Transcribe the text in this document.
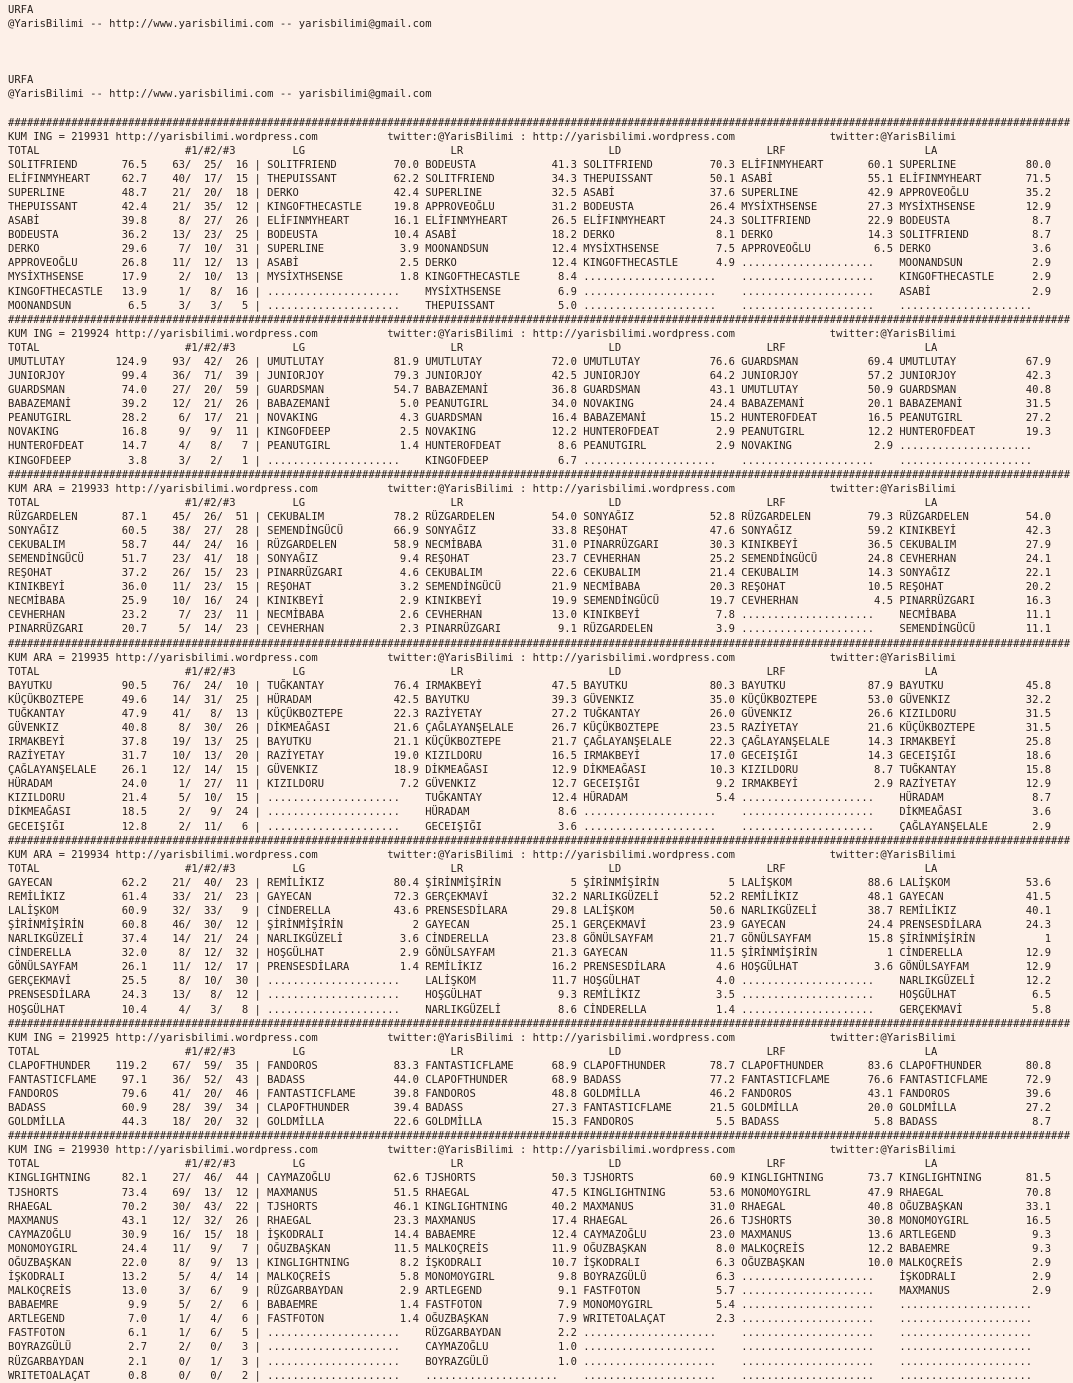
URFA
@YarisBilimi -- http://www.yarisbilimi.com -- yarisbilimi@gmail.com
URFA
@YarisBilimi -- http://www.yarisbilimi.com -- yarisbilimi@gmail.com
########################################################################################################################################################################
KUM ING = 219931 http://yarisbilimi.wordpress.com           twitter:@YarisBilimi : http://yarisbilimi.wordpress.com               twitter:@YarisBilimi
TOTAL                       #1/#2/#3         LG                       LR                       LD                       LRF                      LA
SOLITFRIEND       76.5    63/  25/  16 | SOLITFRIEND         70.0 BODEUSTA            41.3 SOLITFRIEND         70.3 ELİFINMYHEART       60.1 SUPERLINE           80.0
ELİFINMYHEART     62.7    40/  17/  15 | THEPUISSANT         62.2 SOLITFRIEND         34.3 THEPUISSANT         50.1 ASABİ               55.1 ELİFINMYHEART       71.5
SUPERLINE         48.7    21/  20/  18 | DERKO               42.4 SUPERLINE           32.5 ASABİ               37.6 SUPERLINE           42.9 APPROVEOĞLU         35.2
THEPUISSANT       42.4    21/  35/  12 | KINGOFTHECASTLE     19.8 APPROVEOĞLU         31.2 BODEUSTA            26.4 MYSİXTHSENSE        27.3 MYSİXTHSENSE        12.9
ASABİ             39.8     8/  27/  26 | ELİFINMYHEART       16.1 ELİFINMYHEART       26.5 ELİFINMYHEART       24.3 SOLITFRIEND         22.9 BODEUSTA             8.7
BODEUSTA          36.2    13/  23/  25 | BODEUSTA            10.4 ASABİ               18.2 DERKO                8.1 DERKO               14.3 SOLITFRIEND          8.7
DERKO             29.6     7/  10/  31 | SUPERLINE            3.9 MOONANDSUN          12.4 MYSİXTHSENSE         7.5 APPROVEOĞLU          6.5 DERKO                3.6
APPROVEOĞLU       26.8    11/  12/  13 | ASABİ                2.5 DERKO               12.4 KINGOFTHECASTLE      4.9 .....................    MOONANDSUN           2.9
MYSİXTHSENSE      17.9     2/  10/  13 | MYSİXTHSENSE         1.8 KINGOFTHECASTLE      8.4 .....................    .....................    KINGOFTHECASTLE      2.9
KINGOFTHECASTLE   13.9     1/   8/  16 | .....................    MYSİXTHSENSE         6.9 .....................    .....................    ASABİ                2.9
MOONANDSUN         6.5     3/   3/   5 | .....................    THEPUISSANT          5.0 .....................    .....................    .....................
########################################################################################################################################################################
KUM ING = 219924 http://yarisbilimi.wordpress.com           twitter:@YarisBilimi : http://yarisbilimi.wordpress.com               twitter:@YarisBilimi
TOTAL                       #1/#2/#3         LG                       LR                       LD                       LRF                      LA
UMUTLUTAY        124.9    93/  42/  26 | UMUTLUTAY           81.9 UMUTLUTAY           72.0 UMUTLUTAY           76.6 GUARDSMAN           69.4 UMUTLUTAY           67.9
JUNIORJOY         99.4    36/  71/  39 | JUNIORJOY           79.3 JUNIORJOY           42.5 JUNIORJOY           64.2 JUNIORJOY           57.2 JUNIORJOY           42.3
GUARDSMAN         74.0    27/  20/  59 | GUARDSMAN           54.7 BABAZEMANİ          36.8 GUARDSMAN           43.1 UMUTLUTAY           50.9 GUARDSMAN           40.8
BABAZEMANİ        39.2    12/  21/  26 | BABAZEMANİ           5.0 PEANUTGIRL          34.0 NOVAKING            24.4 BABAZEMANİ          20.1 BABAZEMANİ          31.5
PEANUTGIRL        28.2     6/  17/  21 | NOVAKING             4.3 GUARDSMAN           16.4 BABAZEMANİ          15.2 HUNTEROFDEAT        16.5 PEANUTGIRL          27.2
NOVAKING          16.8     9/   9/  11 | KINGOFDEEP           2.5 NOVAKING            12.2 HUNTEROFDEAT         2.9 PEANUTGIRL          12.2 HUNTEROFDEAT        19.3
HUNTEROFDEAT      14.7     4/   8/   7 | PEANUTGIRL           1.4 HUNTEROFDEAT         8.6 PEANUTGIRL           2.9 NOVAKING             2.9 .....................
KINGOFDEEP         3.8     3/   2/   1 | .....................    KINGOFDEEP           6.7 .....................    .....................    .....................
########################################################################################################################################################################
KUM ARA = 219933 http://yarisbilimi.wordpress.com           twitter:@YarisBilimi : http://yarisbilimi.wordpress.com               twitter:@YarisBilimi
TOTAL                       #1/#2/#3         LG                       LR                       LD                       LRF                      LA
RÜZGARDELEN       87.1    45/  26/  51 | CEKUBALIM           78.2 RÜZGARDELEN         54.0 SONYAĞIZ            52.8 RÜZGARDELEN         79.3 RÜZGARDELEN         54.0
SONYAĞIZ          60.5    38/  27/  28 | SEMENDİNGÜCÜ        66.9 SONYAĞIZ            33.8 REŞOHAT             47.6 SONYAĞIZ            59.2 KINIKBEYİ           42.3
CEKUBALIM         58.7    44/  24/  16 | RÜZGARDELEN         58.9 NECMİBABA           31.0 PINARRÜZGARI        30.3 KINIKBEYİ           36.5 CEKUBALIM           27.9
SEMENDİNGÜCÜ      51.7    23/  41/  18 | SONYAĞIZ             9.4 REŞOHAT             23.7 CEVHERHAN           25.2 SEMENDİNGÜCÜ        24.8 CEVHERHAN           24.1
REŞOHAT           37.2    26/  15/  23 | PINARRÜZGARI         4.6 CEKUBALIM           22.6 CEKUBALIM           21.4 CEKUBALIM           14.3 SONYAĞIZ            22.1
KINIKBEYİ         36.0    11/  23/  15 | REŞOHAT              3.2 SEMENDİNGÜCÜ        21.9 NECMİBABA           20.3 REŞOHAT             10.5 REŞOHAT             20.2
NECMİBABA         25.9    10/  16/  24 | KINIKBEYİ            2.9 KINIKBEYİ           19.9 SEMENDİNGÜCÜ        19.7 CEVHERHAN            4.5 PINARRÜZGARI        16.3
CEVHERHAN         23.2     7/  23/  11 | NECMİBABA            2.6 CEVHERHAN           13.0 KINIKBEYİ            7.8 .....................    NECMİBABA           11.1
PINARRÜZGARI      20.7     5/  14/  23 | CEVHERHAN            2.3 PINARRÜZGARI         9.1 RÜZGARDELEN          3.9 .....................    SEMENDİNGÜCÜ        11.1
########################################################################################################################################################################
KUM ARA = 219935 http://yarisbilimi.wordpress.com           twitter:@YarisBilimi : http://yarisbilimi.wordpress.com               twitter:@YarisBilimi
TOTAL                       #1/#2/#3         LG                       LR                       LD                       LRF                      LA
BAYUTKU           90.5    76/  24/  10 | TUĞKANTAY           76.4 IRMAKBEYİ           47.5 BAYUTKU             80.3 BAYUTKU             87.9 BAYUTKU             45.8
KÜÇÜKBOZTEPE      49.6    14/  31/  25 | HÜRADAM             42.5 BAYUTKU             39.3 GÜVENKIZ            35.0 KÜÇÜKBOZTEPE        53.0 GÜVENKIZ            32.2
TUĞKANTAY         47.9    41/   8/  13 | KÜÇÜKBOZTEPE        22.3 RAZİYETAY           27.2 TUĞKANTAY           26.0 GÜVENKIZ            26.6 KIZILDORU           31.5
GÜVENKIZ          40.8     8/  30/  26 | DİKMEAĞASI          21.6 ÇAĞLAYANŞELALE      26.7 KÜÇÜKBOZTEPE        23.5 RAZİYETAY           21.6 KÜÇÜKBOZTEPE        31.5
IRMAKBEYİ         37.8    19/  13/  25 | BAYUTKU             21.1 KÜÇÜKBOZTEPE        21.7 ÇAĞLAYANŞELALE      22.3 ÇAĞLAYANŞELALE      14.3 IRMAKBEYİ           25.8
RAZİYETAY         31.7    10/  13/  20 | RAZİYETAY           19.0 KIZILDORU           16.5 IRMAKBEYİ           17.0 GECEIŞIĞI           14.3 GECEIŞIĞI           18.6
ÇAĞLAYANŞELALE    26.1    12/  14/  15 | GÜVENKIZ            18.9 DİKMEAĞASI          12.9 DİKMEAĞASI          10.3 KIZILDORU            8.7 TUĞKANTAY           15.8
HÜRADAM           24.0     1/  27/  11 | KIZILDORU            7.2 GÜVENKIZ            12.7 GECEIŞIĞI            9.2 IRMAKBEYİ            2.9 RAZİYETAY           12.9
KIZILDORU         21.4     5/  10/  15 | .....................    TUĞKANTAY           12.4 HÜRADAM              5.4 .....................    HÜRADAM              8.7
DİKMEAĞASI        18.5     2/   9/  24 | .....................    HÜRADAM              8.6 .....................    .....................    DİKMEAĞASI           3.6
GECEIŞIĞI         12.8     2/  11/   6 | .....................    GECEIŞIĞI            3.6 .....................    .....................    ÇAĞLAYANŞELALE       2.9
########################################################################################################################################################################
KUM ARA = 219934 http://yarisbilimi.wordpress.com           twitter:@YarisBilimi : http://yarisbilimi.wordpress.com               twitter:@YarisBilimi
TOTAL                       #1/#2/#3         LG                       LR                       LD                       LRF                      LA
GAYECAN           62.2    21/  40/  23 | REMİLİKIZ           80.4 ŞİRİNMİŞİRİN           5 ŞİRİNMİŞİRİN           5 LALİŞKOM            88.6 LALİŞKOM            53.6
REMİLİKIZ         61.4    33/  21/  23 | GAYECAN             72.3 GERÇEKMAVİ          32.2 NARLIKGÜZELİ        52.2 REMİLİKIZ           48.1 GAYECAN             41.5
LALİŞKOM          60.9    32/  33/   9 | CİNDERELLA          43.6 PRENSESDİLARA       29.8 LALİŞKOM            50.6 NARLIKGÜZELİ        38.7 REMİLİKIZ           40.1
ŞİRİNMİŞİRİN      60.8    46/  30/  12 | ŞİRİNMİŞİRİN           2 GAYECAN             25.1 GERÇEKMAVİ          23.9 GAYECAN             24.4 PRENSESDİLARA       24.3
NARLIKGÜZELİ      37.4    14/  21/  24 | NARLIKGÜZELİ         3.6 CİNDERELLA          23.8 GÖNÜLSAYFAM         21.7 GÖNÜLSAYFAM         15.8 ŞİRİNMİŞİRİN           1
CİNDERELLA        32.0     8/  12/  32 | HOŞGÜLHAT            2.9 GÖNÜLSAYFAM         21.3 GAYECAN             11.5 ŞİRİNMİŞİRİN           1 CİNDERELLA          12.9
GÖNÜLSAYFAM       26.1    11/  12/  17 | PRENSESDİLARA        1.4 REMİLİKIZ           16.2 PRENSESDİLARA        4.6 HOŞGÜLHAT            3.6 GÖNÜLSAYFAM         12.9
GERÇEKMAVİ        25.5     8/  10/  30 | .....................    LALİŞKOM            11.7 HOŞGÜLHAT            4.0 .....................    NARLIKGÜZELİ        12.2
PRENSESDİLARA     24.3    13/   8/  12 | .....................    HOŞGÜLHAT            9.3 REMİLİKIZ            3.5 .....................    HOŞGÜLHAT            6.5
HOŞGÜLHAT         10.4     4/   3/   8 | .....................    NARLIKGÜZELİ         8.6 CİNDERELLA           1.4 .....................    GERÇEKMAVİ           5.8
########################################################################################################################################################################
KUM ING = 219925 http://yarisbilimi.wordpress.com           twitter:@YarisBilimi : http://yarisbilimi.wordpress.com               twitter:@YarisBilimi
TOTAL                       #1/#2/#3         LG                       LR                       LD                       LRF                      LA
CLAPOFTHUNDER    119.2    67/  59/  35 | FANDOROS            83.3 FANTASTICFLAME      68.9 CLAPOFTHUNDER       78.7 CLAPOFTHUNDER       83.6 CLAPOFTHUNDER       80.8
FANTASTICFLAME    97.1    36/  52/  43 | BADASS              44.0 CLAPOFTHUNDER       68.9 BADASS              77.2 FANTASTICFLAME      76.6 FANTASTICFLAME      72.9
FANDOROS          79.6    41/  20/  46 | FANTASTICFLAME      39.8 FANDOROS            48.8 GOLDMİLLA           46.2 FANDOROS            43.1 FANDOROS            39.6
BADASS            60.9    28/  39/  34 | CLAPOFTHUNDER       39.4 BADASS              27.3 FANTASTICFLAME      21.5 GOLDMİLLA           20.0 GOLDMİLLA           27.2
GOLDMİLLA         44.3    18/  20/  32 | GOLDMİLLA           22.6 GOLDMİLLA           15.3 FANDOROS             5.5 BADASS               5.8 BADASS               8.7
########################################################################################################################################################################
KUM ING = 219930 http://yarisbilimi.wordpress.com           twitter:@YarisBilimi : http://yarisbilimi.wordpress.com               twitter:@YarisBilimi
TOTAL                       #1/#2/#3         LG                       LR                       LD                       LRF                      LA
KINGLIGHTNING     82.1    27/  46/  44 | CAYMAZOĞLU          62.6 TJSHORTS            50.3 TJSHORTS            60.9 KINGLIGHTNING       73.7 KINGLIGHTNING       81.5
TJSHORTS          73.4    69/  13/  12 | MAXMANUS            51.5 RHAEGAL             47.5 KINGLIGHTNING       53.6 MONOMOYGIRL         47.9 RHAEGAL             70.8
RHAEGAL           70.2    30/  43/  22 | TJSHORTS            46.1 KINGLIGHTNING       40.2 MAXMANUS            31.0 RHAEGAL             40.8 OĞUZBAŞKAN          33.1
MAXMANUS          43.1    12/  32/  26 | RHAEGAL             23.3 MAXMANUS            17.4 RHAEGAL             26.6 TJSHORTS            30.8 MONOMOYGIRL         16.5
CAYMAZOĞLU        30.9    16/  15/  18 | İŞKODRALI           14.4 BABAEMRE            12.4 CAYMAZOĞLU          23.0 MAXMANUS            13.6 ARTLEGEND            9.3
MONOMOYGIRL       24.4    11/   9/   7 | OĞUZBAŞKAN          11.5 MALKOÇREİS          11.9 OĞUZBAŞKAN           8.0 MALKOÇREİS          12.2 BABAEMRE             9.3
OĞUZBAŞKAN        22.0     8/   9/  13 | KINGLIGHTNING        8.2 İŞKODRALI           10.7 İŞKODRALI            6.3 OĞUZBAŞKAN          10.0 MALKOÇREİS           2.9
İŞKODRALI         13.2     5/   4/  14 | MALKOÇREİS           5.8 MONOMOYGIRL          9.8 BOYRAZGÜLÜ           6.3 .....................    İŞKODRALI            2.9
MALKOÇREİS        13.0     3/   6/   9 | RÜZGARBAYDAN         2.9 ARTLEGEND            9.1 FASTFOTON            5.7 .....................    MAXMANUS             2.9
BABAEMRE           9.9     5/   2/   6 | BABAEMRE             1.4 FASTFOTON            7.9 MONOMOYGIRL          5.4 .....................    .....................
ARTLEGEND          7.0     1/   4/   6 | FASTFOTON            1.4 OĞUZBAŞKAN           7.9 WRITETOALAÇAT        2.3 .....................    .....................
FASTFOTON          6.1     1/   6/   5 | .....................    RÜZGARBAYDAN         2.2 .....................    .....................    .....................
BOYRAZGÜLÜ         2.7     2/   0/   3 | .....................    CAYMAZOĞLU           1.0 .....................    .....................    .....................
RÜZGARBAYDAN       2.1     0/   1/   3 | .....................    BOYRAZGÜLÜ           1.0 .....................    .....................    .....................
WRITETOALAÇAT      0.8     0/   0/   2 | .....................    .....................    .....................    .....................    .....................
